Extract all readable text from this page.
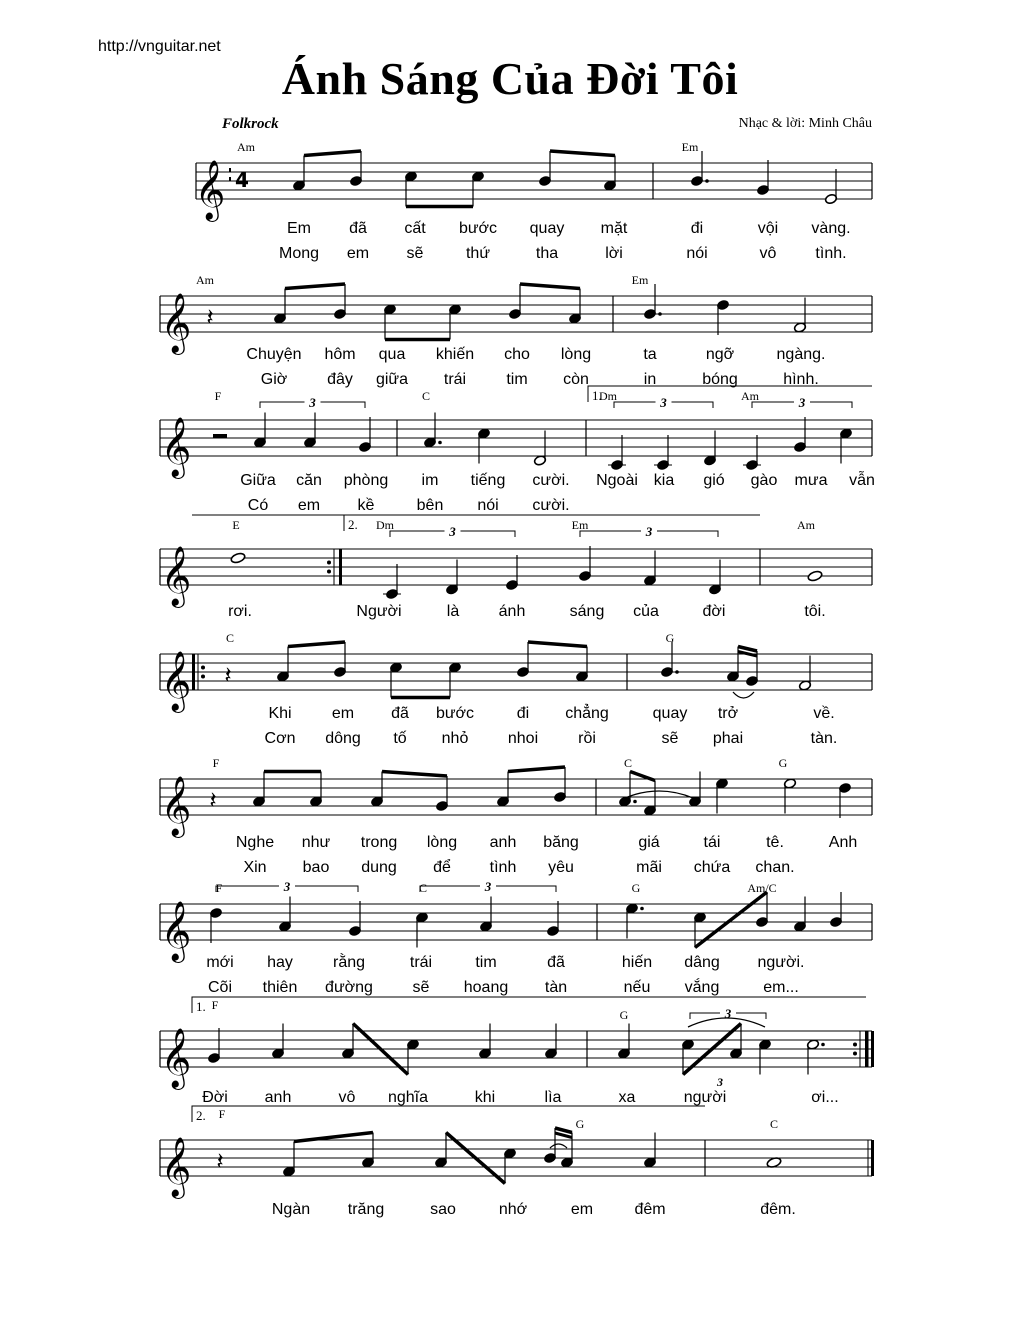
http://vnguitar.net
Ánh Sáng Của Đời Tôi
Folkrock	Nhạc & lời: Minh Châu
𝄞 4
Am	Em
Em đã cất bước quay mặt	đi	vội vàng.
Mong em sẽ	thứ	tha	lời	nói	vô tình.
𝄞
Am	Em
𝄽
Chuyện hôm qua khiến cho lòng	ta	ngỡ	ngàng.
Giờ đây giữa trái	tim còn	in	bóng	hình.
𝄞
1.
3	3	3
F	C	Dm	Am
Giữa căn phòng im tiếng cười. Ngoài kia gió gào mưa vẫn
Có em kề	bên nói cười.
𝄞
2.	3	3
E	Dm	Em	Am
rơi.	Người	là ánh	sáng của	đời	tôi.
𝄞
C	G
𝄽
Khi	em đã bước	đi chẳng	quay trở	về.
Cơn dông tố nhỏ nhoi rồi	sẽ phai	tàn.
𝄞
F	C	G
𝄽
Nghe như trong lòng anh băng	giá	tái	tê.	Anh
Xin bao dung để tình yêu	mãi chứa chan.
𝄞
3	3
F	C	G	Am/C
mới hay	rằng	trái	tim	đã	hiến dâng người.
Cõi thiên đường sẽ hoang tàn	nếu vắng	em...
𝄞
1.	3
F
G
Đời anh	vô nghĩa	khi	lìa	xa	người	ơi...
𝄞
2. F
G	C
𝄽
Ngàn trăng	sao	nhớ	em	đêm	đêm.
3
